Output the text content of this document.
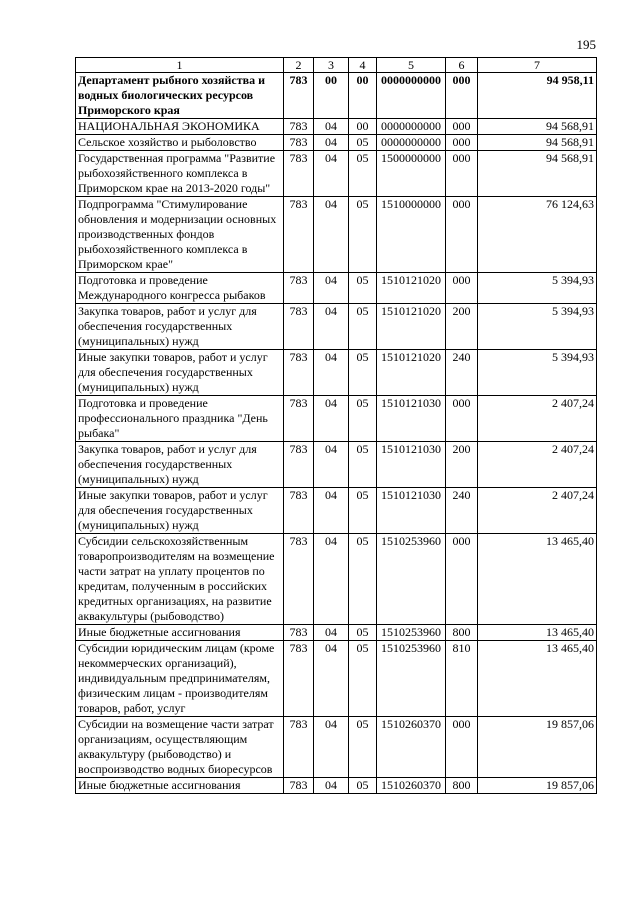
195
1	2	3	4	5	6	7
Департамент рыбного хозяйства и водных биологических ресурсов Приморского края	783	00	00	0000000000	000	94 958,11
НАЦИОНАЛЬНАЯ ЭКОНОМИКА	783	04	00	0000000000	000	94 568,91
Сельское хозяйство и рыболовство	783	04	05	0000000000	000	94 568,91
Государственная программа "Развитие рыбохозяйственного комплекса в Приморском крае на 2013-2020 годы"	783	04	05	1500000000	000	94 568,91
Подпрограмма "Стимулирование обновления и модернизации основных производственных фондов рыбохозяйственного комплекса в Приморском крае"	783	04	05	1510000000	000	76 124,63
Подготовка и проведение Международного конгресса рыбаков	783	04	05	1510121020	000	5 394,93
Закупка товаров, работ и услуг для обеспечения государственных (муниципальных) нужд	783	04	05	1510121020	200	5 394,93
Иные закупки товаров, работ и услуг для обеспечения государственных (муниципальных) нужд	783	04	05	1510121020	240	5 394,93
Подготовка и проведение профессионального праздника "День рыбака"	783	04	05	1510121030	000	2 407,24
Закупка товаров, работ и услуг для обеспечения государственных (муниципальных) нужд	783	04	05	1510121030	200	2 407,24
Иные закупки товаров, работ и услуг для обеспечения государственных (муниципальных) нужд	783	04	05	1510121030	240	2 407,24
Субсидии сельскохозяйственным товаропроизводителям на возмещение части затрат на уплату процентов по кредитам, полученным в российских кредитных организациях, на развитие аквакультуры (рыбоводство)	783	04	05	1510253960	000	13 465,40
Иные бюджетные ассигнования	783	04	05	1510253960	800	13 465,40
Субсидии юридическим лицам (кроме некоммерческих организаций), индивидуальным предпринимателям, физическим лицам - производителям товаров, работ, услуг	783	04	05	1510253960	810	13 465,40
Субсидии на возмещение части затрат организациям, осуществляющим аквакультуру (рыбоводство) и воспроизводство водных биоресурсов	783	04	05	1510260370	000	19 857,06
Иные бюджетные ассигнования	783	04	05	1510260370	800	19 857,06
